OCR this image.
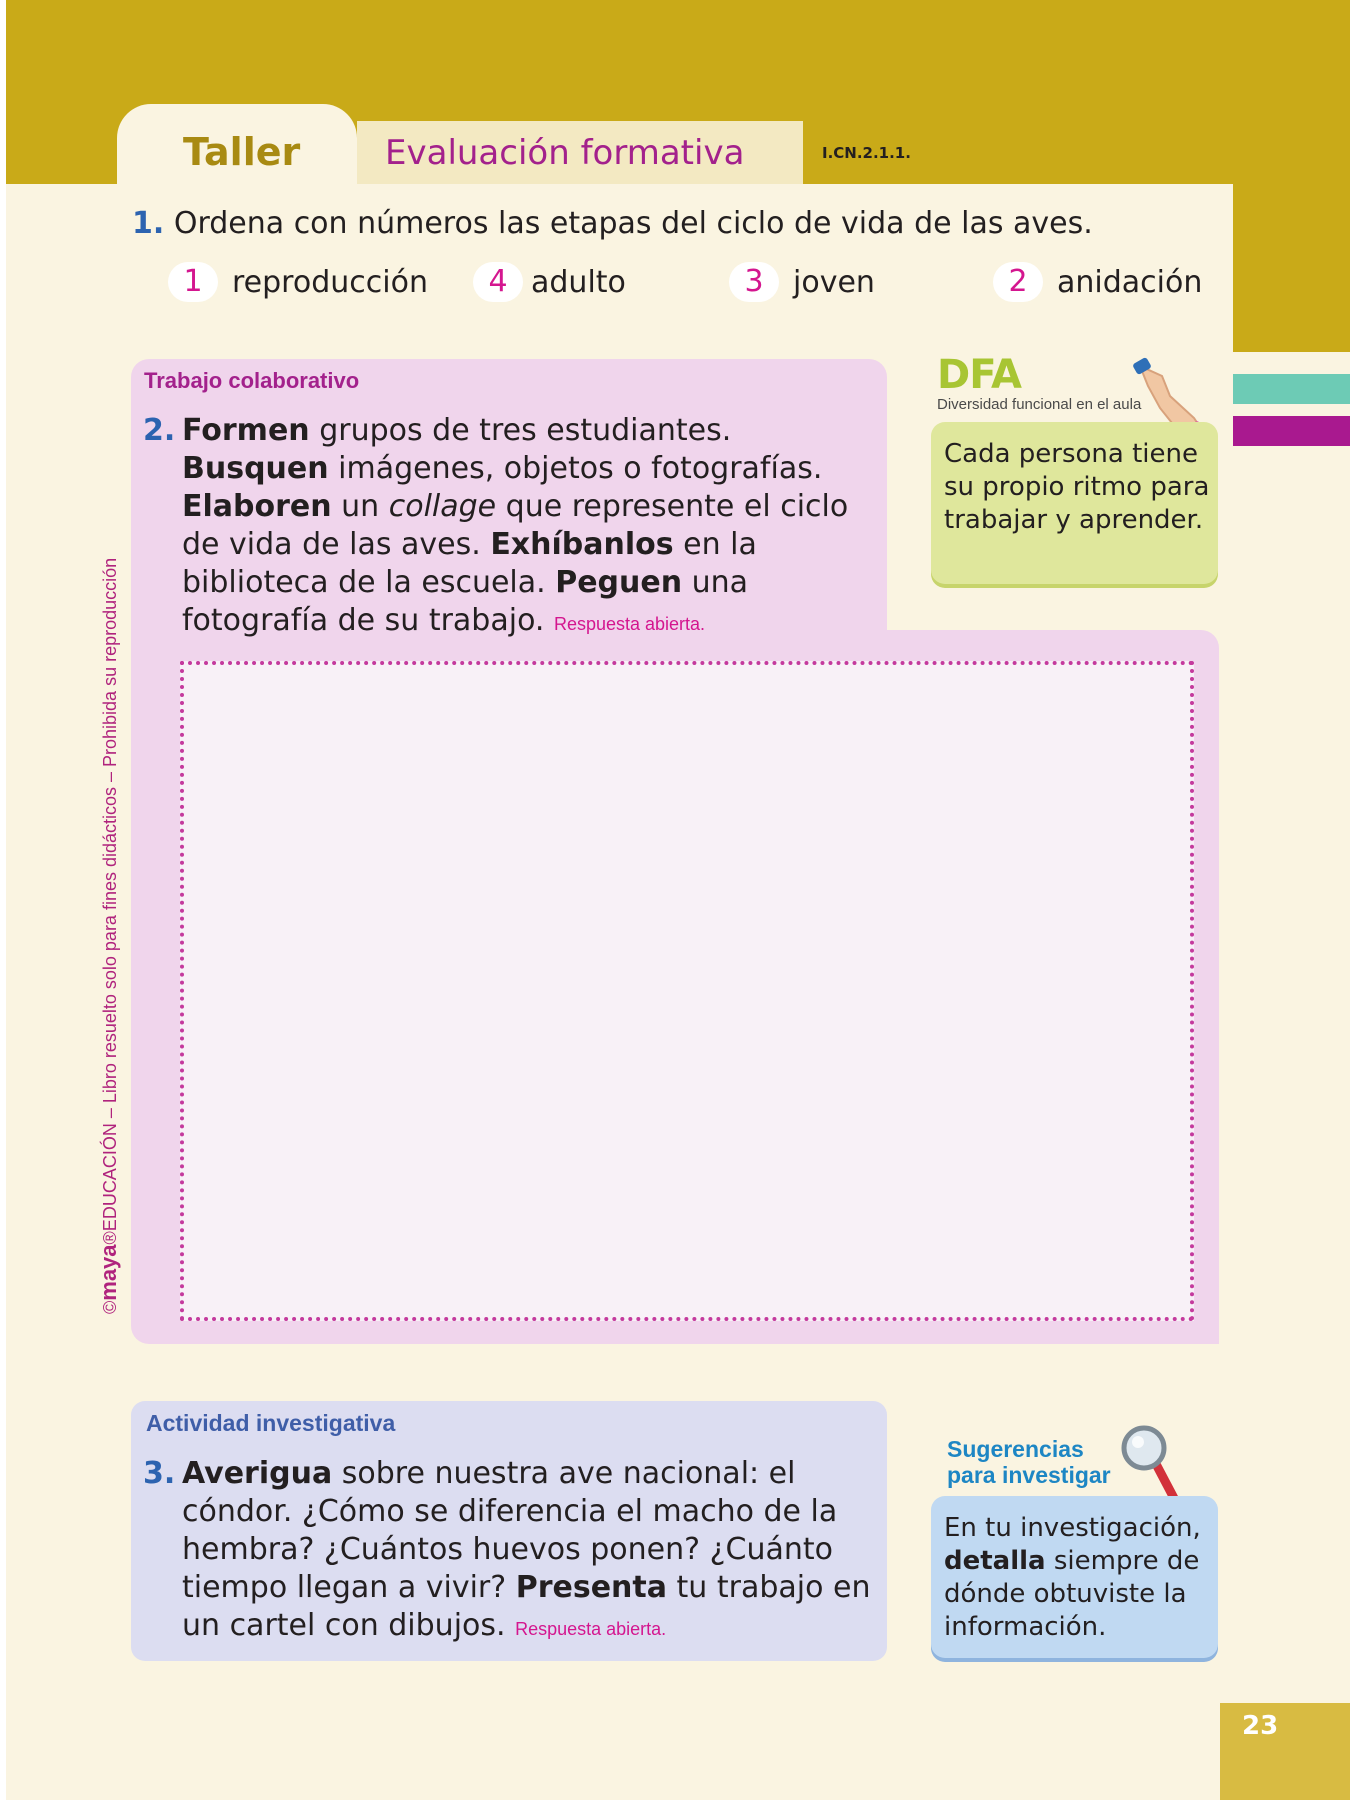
Taller Evaluación formativa	I.CN.2.1.1.
1. Ordena con números las etapas del ciclo de vida de las aves.
1 reproducción	4 adulto	3 joven	2 anidación
Trabajo colaborativo
2. Formen grupos de tres estudiantes. Busquen imágenes, objetos o fotografías. Elaboren un collage que represente el ciclo de vida de las aves. Exhíbanlos en la biblioteca de la escuela. Peguen una fotografía de su trabajo. Respuesta abierta.
DFA
Diversidad funcional en el aula
Cada persona tiene su propio ritmo para trabajar y aprender.
Actividad investigativa
3. Averigua sobre nuestra ave nacional: el cóndor. ¿Cómo se diferencia el macho de la hembra? ¿Cuántos huevos ponen? ¿Cuánto tiempo llegan a vivir? Presenta tu trabajo en un cartel con dibujos. Respuesta abierta.
Sugerencias
para investigar
En tu investigación, detalla siempre de dónde obtuviste la información.
©maya®EDUCACIÓN – Libro resuelto solo para fines didácticos – Prohibida su reproducción
23
